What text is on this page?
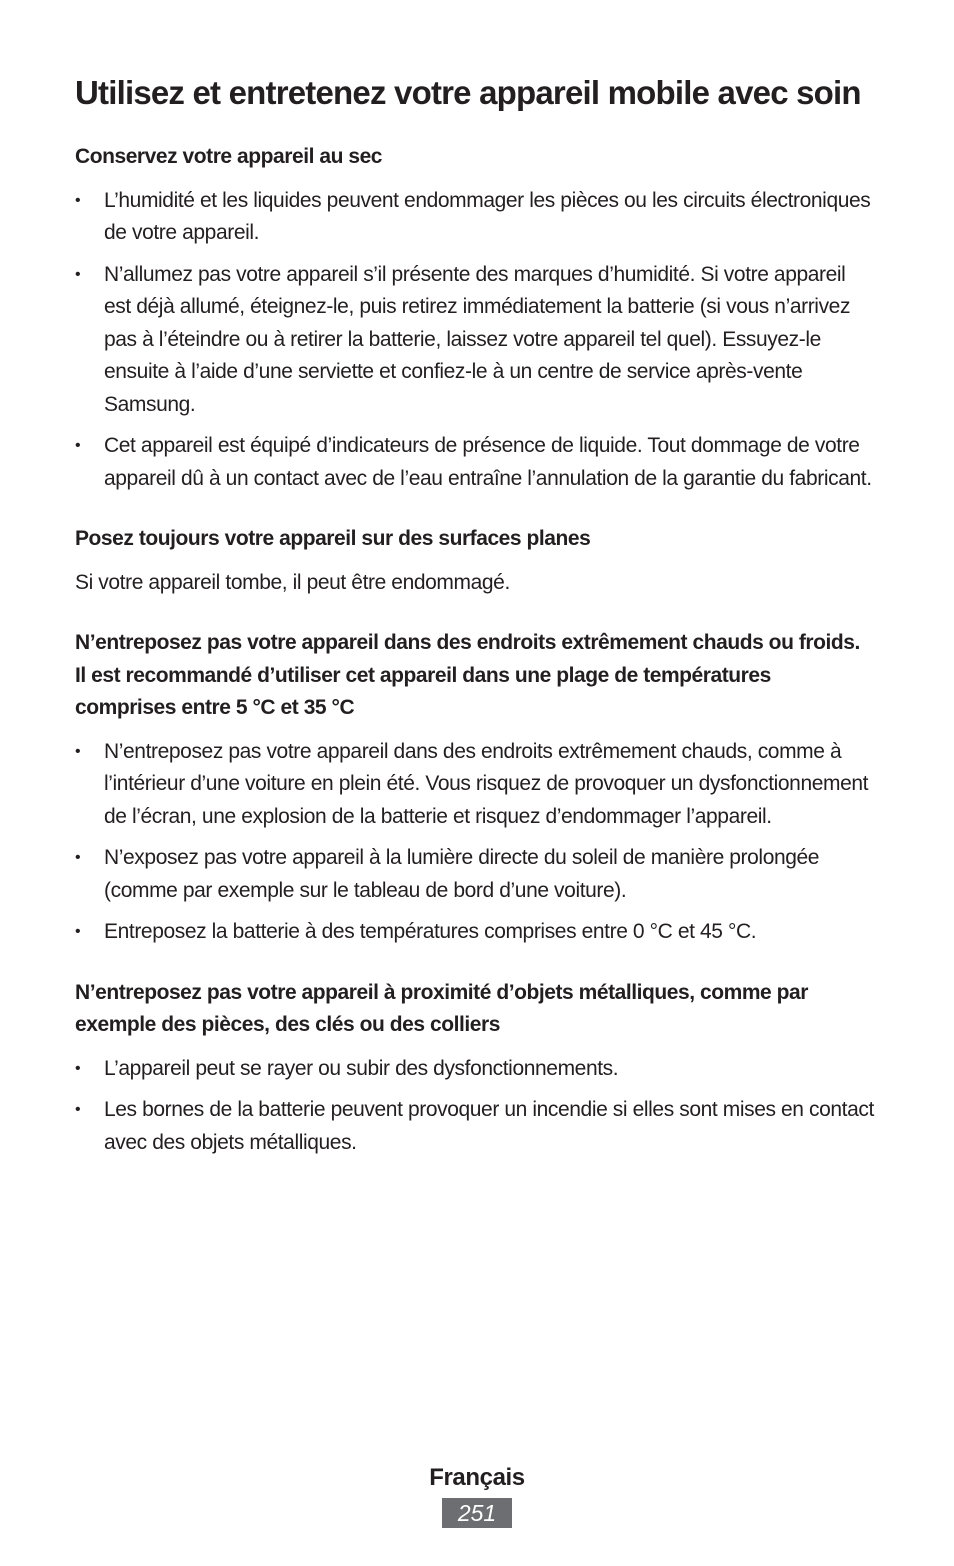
Utilisez et entretenez votre appareil mobile avec soin
Conservez votre appareil au sec
• L’humidité et les liquides peuvent endommager les pièces ou les circuits électroniques de votre appareil.
• N’allumez pas votre appareil s’il présente des marques d’humidité. Si votre appareil est déjà allumé, éteignez-le, puis retirez immédiatement la batterie (si vous n’arrivez pas à l’éteindre ou à retirer la batterie, laissez votre appareil tel quel). Essuyez-le ensuite à l’aide d’une serviette et confiez-le à un centre de service après-vente Samsung.
• Cet appareil est équipé d’indicateurs de présence de liquide. Tout dommage de votre appareil dû à un contact avec de l’eau entraîne l’annulation de la garantie du fabricant.
Posez toujours votre appareil sur des surfaces planes

Si votre appareil tombe, il peut être endommagé.

N’entreposez pas votre appareil dans des endroits extrêmement chauds ou froids. Il est recommandé d’utiliser cet appareil dans une plage de températures comprises entre 5 °C et 35 °C
• N’entreposez pas votre appareil dans des endroits extrêmement chauds, comme à l’intérieur d’une voiture en plein été. Vous risquez de provoquer un dysfonctionnement de l’écran, une explosion de la batterie et risquez d’endommager l’appareil.
• N’exposez pas votre appareil à la lumière directe du soleil de manière prolongée (comme par exemple sur le tableau de bord d’une voiture).
• Entreposez la batterie à des températures comprises entre 0 °C et 45 °C.
N’entreposez pas votre appareil à proximité d’objets métalliques, comme par exemple des pièces, des clés ou des colliers
• L’appareil peut se rayer ou subir des dysfonctionnements.
• Les bornes de la batterie peuvent provoquer un incendie si elles sont mises en contact avec des objets métalliques.
Français
251
